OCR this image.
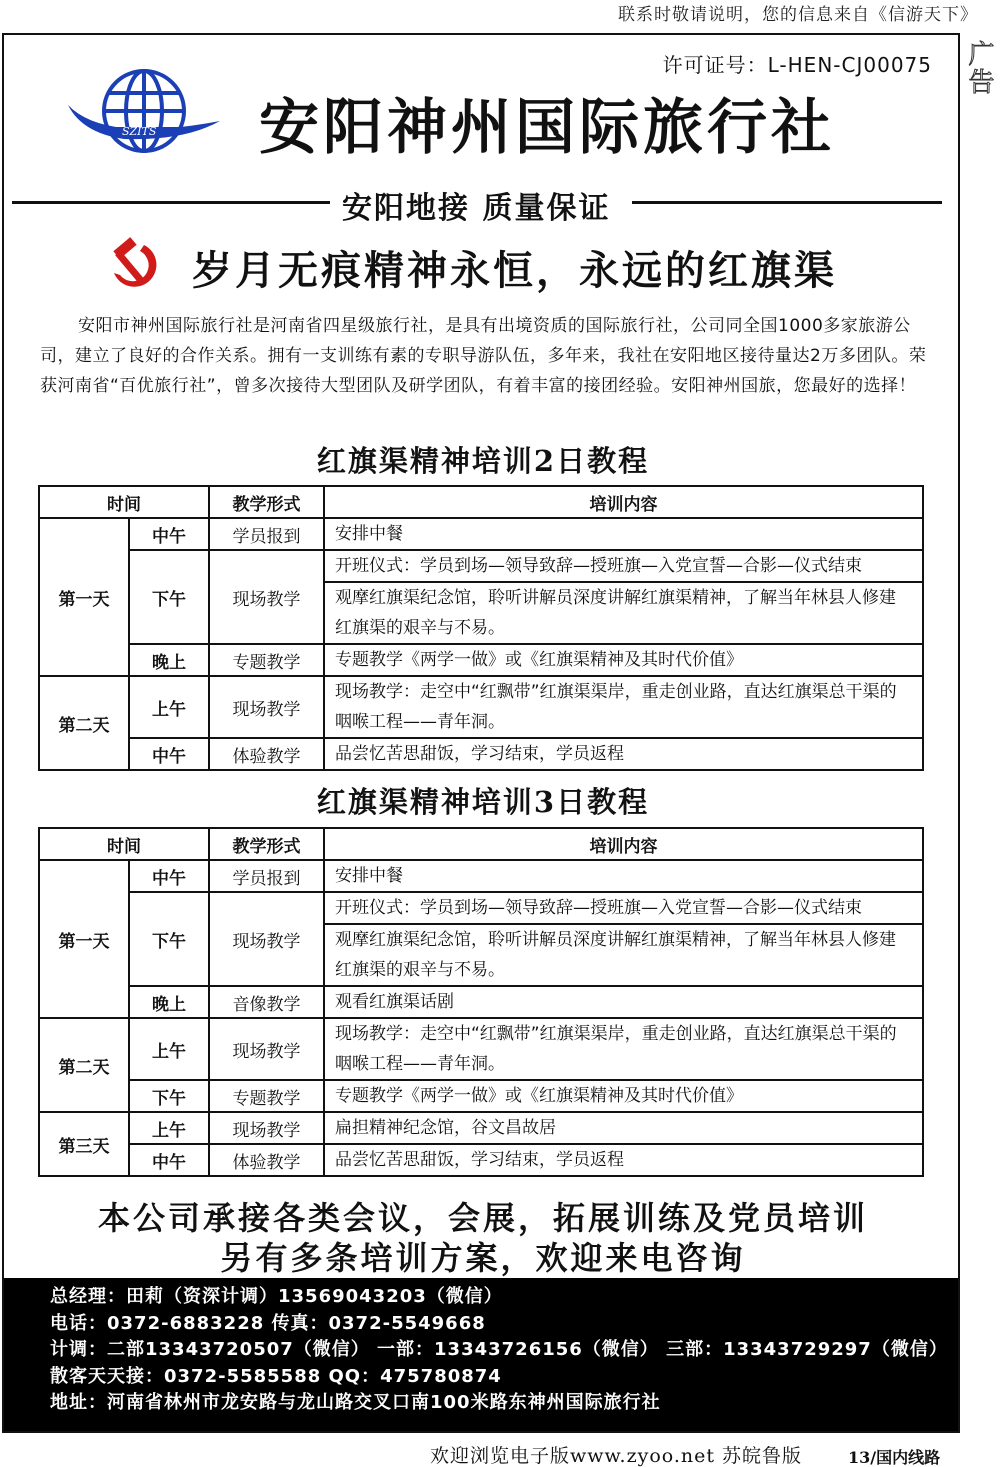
联系时敬请说明，您的信息来自《信游天下》
广告
许可证号：L-HEN-CJ00075
SZITS 安阳神州国际旅行社
安阳地接 质量保证
岁月无痕精神永恒，永远的红旗渠

安阳市神州国际旅行社是河南省四星级旅行社，是具有出境资质的国际旅行社，公司同全国1000多家旅游公司，建立了良好的合作关系。拥有一支训练有素的专职导游队伍，多年来，我社在安阳地区接待量达2万多团队。荣获河南省“百优旅行社”，曾多次接待大型团队及研学团队，有着丰富的接团经验。安阳神州国旅，您最好的选择！

红旗渠精神培训2日教程
时间		教学形式	培训内容
第一天	中午	学员报到	安排中餐
	下午	现场教学	开班仪式：学员到场—领导致辞—授班旗—入党宣誓—合影—仪式结束
			观摩红旗渠纪念馆，聆听讲解员深度讲解红旗渠精神，了解当年林县人修建红旗渠的艰辛与不易。
	晚上	专题教学	专题教学《两学一做》或《红旗渠精神及其时代价值》
第二天	上午	现场教学	现场教学：走空中“红飘带”红旗渠渠岸，重走创业路，直达红旗渠总干渠的咽喉工程——青年洞。
	中午	体验教学	品尝忆苦思甜饭，学习结束，学员返程
红旗渠精神培训3日教程
时间		教学形式	培训内容
第一天	中午	学员报到	安排中餐
	下午	现场教学	开班仪式：学员到场—领导致辞—授班旗—入党宣誓—合影—仪式结束
			观摩红旗渠纪念馆，聆听讲解员深度讲解红旗渠精神，了解当年林县人修建红旗渠的艰辛与不易。
	晚上	音像教学	观看红旗渠话剧
第二天	上午	现场教学	现场教学：走空中“红飘带”红旗渠渠岸，重走创业路，直达红旗渠总干渠的咽喉工程——青年洞。
	下午	专题教学	专题教学《两学一做》或《红旗渠精神及其时代价值》
第三天	上午	现场教学	扁担精神纪念馆，谷文昌故居
	中午	体验教学	品尝忆苦思甜饭，学习结束，学员返程
本公司承接各类会议，会展，拓展训练及党员培训
另有多条培训方案，欢迎来电咨询
总经理：田莉（资深计调）13569043203（微信）
电话：0372-6883228 传真：0372-5549668
计调：二部13343720507（微信） 一部：13343726156（微信） 三部：13343729297（微信）
散客天天接：0372-5585588 QQ：475780874
地址：河南省林州市龙安路与龙山路交叉口南100米路东神州国际旅行社
欢迎浏览电子版www.zyoo.net 苏皖鲁版	13/国内线路
